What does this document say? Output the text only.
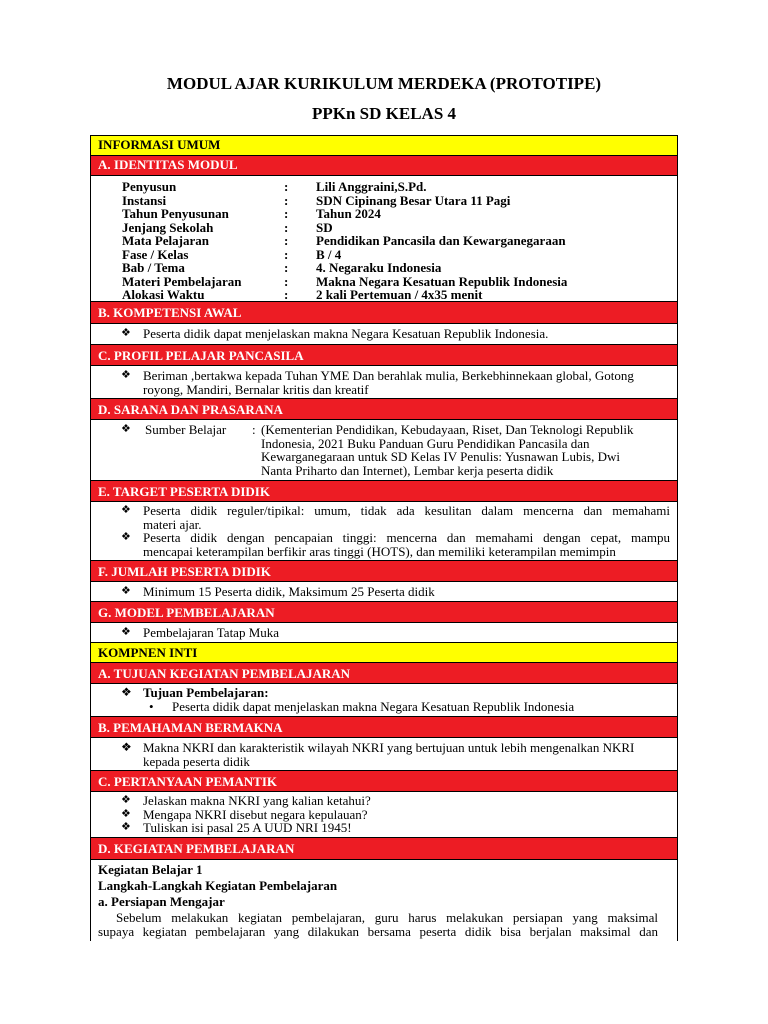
MODUL AJAR KURIKULUM MERDEKA (PROTOTIPE)
PPKn SD KELAS 4
INFORMASI UMUM
A. IDENTITAS MODUL
Penyusun	: Lili Anggraini,S.Pd.
Instansi	: SDN Cipinang Besar Utara 11 Pagi
Tahun Penyusunan	: Tahun 2024
Jenjang Sekolah	: SD
Mata Pelajaran	: Pendidikan Pancasila dan Kewarganegaraan
Fase / Kelas	: B / 4
Bab / Tema	: 4. Negaraku Indonesia
Materi Pembelajaran	: Makna Negara Kesatuan Republik Indonesia
Alokasi Waktu	: 2 kali Pertemuan / 4x35 menit
B. KOMPETENSI AWAL
❖ Peserta didik dapat menjelaskan makna Negara Kesatuan Republik Indonesia.
C. PROFIL PELAJAR PANCASILA
❖ Beriman ,bertakwa kepada Tuhan YME Dan berahlak mulia, Berkebhinnekaan global, Gotong
royong, Mandiri, Bernalar kritis dan kreatif
D. SARANA DAN PRASARANA
❖ Sumber Belajar : (Kementerian Pendidikan, Kebudayaan, Riset, Dan Teknologi Republik
Indonesia, 2021 Buku Panduan Guru Pendidikan Pancasila dan
Kewarganegaraan untuk SD Kelas IV Penulis: Yusnawan Lubis, Dwi
Nanta Priharto dan Internet), Lembar kerja peserta didik
E. TARGET PESERTA DIDIK
❖ Peserta didik reguler/tipikal: umum, tidak ada kesulitan dalam mencerna dan memahami
materi ajar.
❖ Peserta didik dengan pencapaian tinggi: mencerna dan memahami dengan cepat, mampu
mencapai keterampilan berfikir aras tinggi (HOTS), dan memiliki keterampilan memimpin
F. JUMLAH PESERTA DIDIK
❖ Minimum 15 Peserta didik, Maksimum 25 Peserta didik
G. MODEL PEMBELAJARAN
❖ Pembelajaran Tatap Muka
KOMPNEN INTI
A. TUJUAN KEGIATAN PEMBELAJARAN
❖ Tujuan Pembelajaran:
• Peserta didik dapat menjelaskan makna Negara Kesatuan Republik Indonesia
B. PEMAHAMAN BERMAKNA
❖ Makna NKRI dan karakteristik wilayah NKRI yang bertujuan untuk lebih mengenalkan NKRI
kepada peserta didik
C. PERTANYAAN PEMANTIK
❖ Jelaskan makna NKRI yang kalian ketahui?
❖ Mengapa NKRI disebut negara kepulauan?
❖ Tuliskan isi pasal 25 A UUD NRI 1945!
D. KEGIATAN PEMBELAJARAN
Kegiatan Belajar 1
Langkah-Langkah Kegiatan Pembelajaran
a. Persiapan Mengajar
Sebelum melakukan kegiatan pembelajaran, guru harus melakukan persiapan yang maksimal
supaya kegiatan pembelajaran yang dilakukan bersama peserta didik bisa berjalan maksimal dan
